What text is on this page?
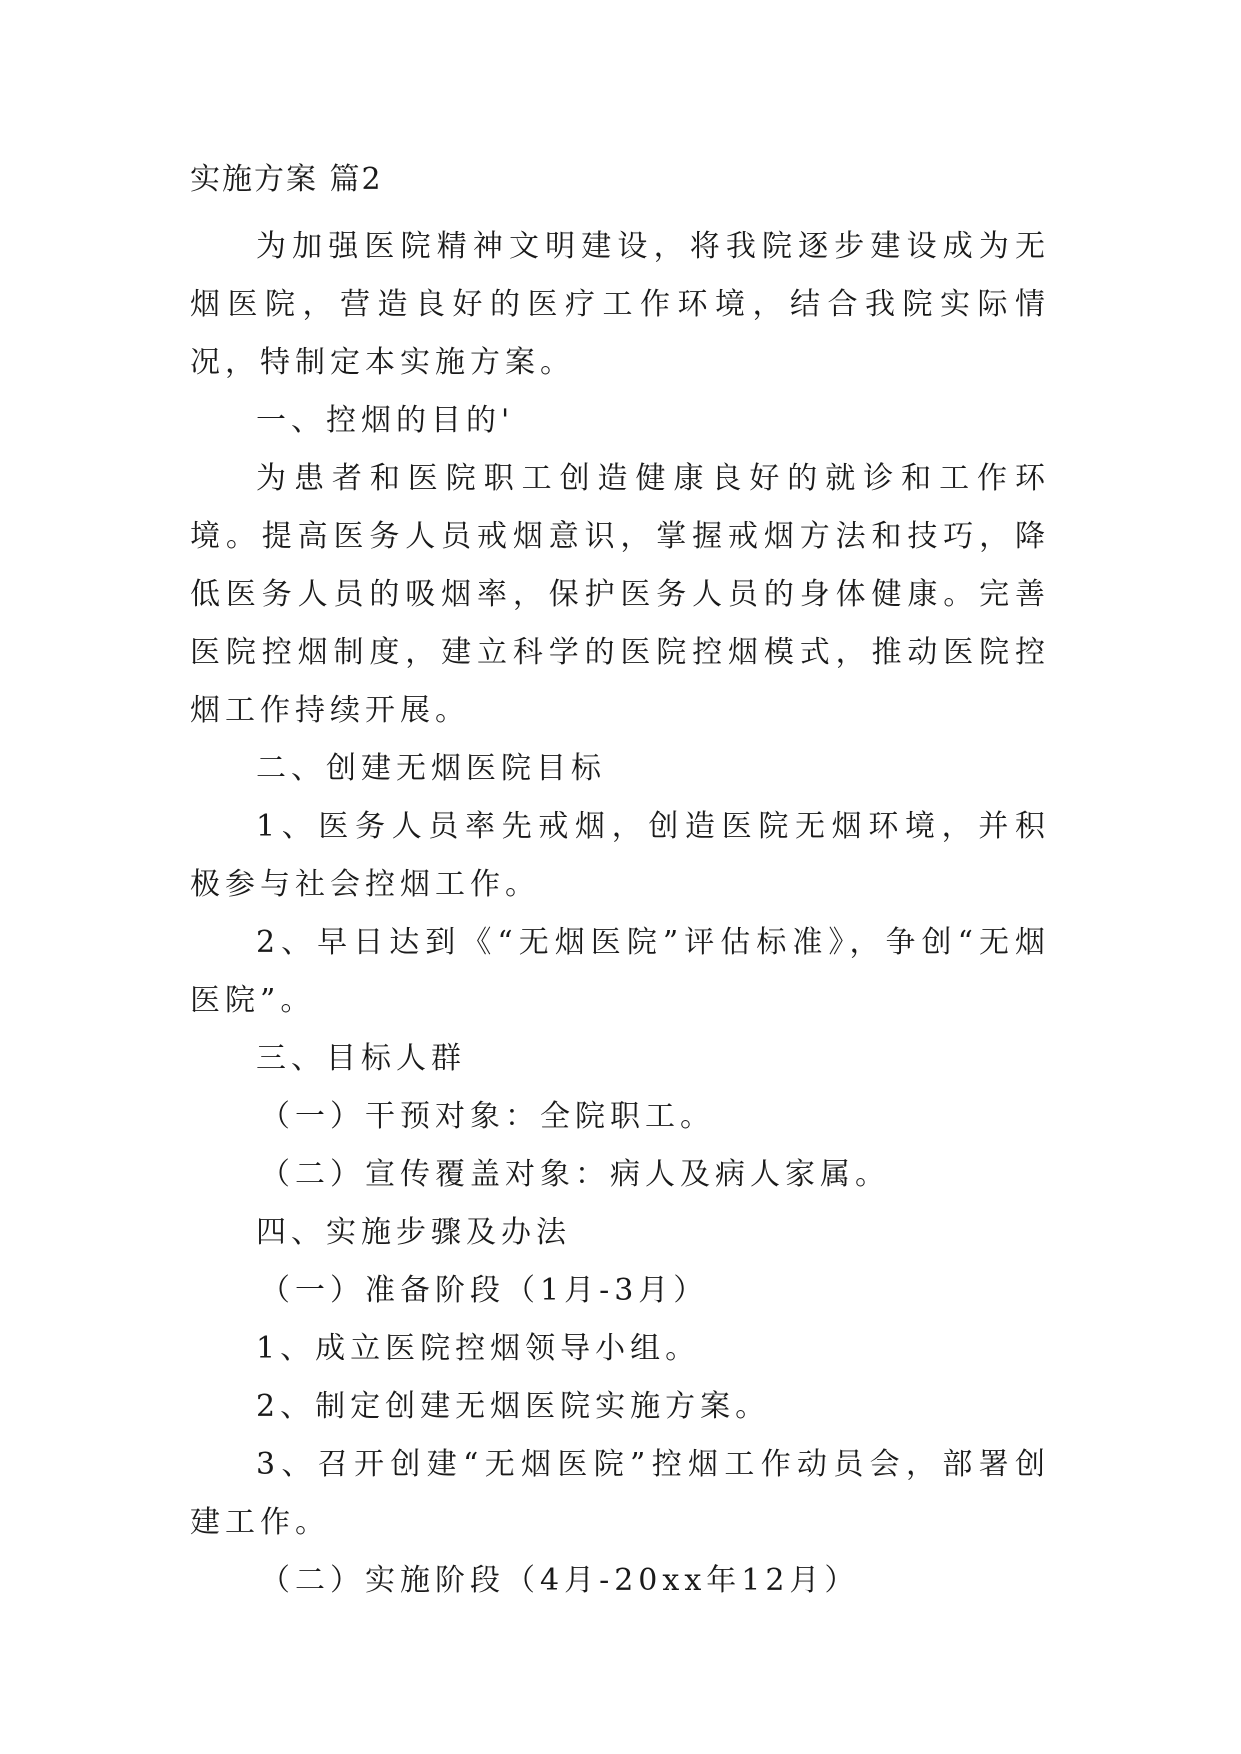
实施方案 篇2

为加强医院精神文明建设，将我院逐步建设成为无烟医院，营造良好的医疗工作环境，结合我院实际情况，特制定本实施方案。

一、控烟的目的'

为患者和医院职工创造健康良好的就诊和工作环境。提高医务人员戒烟意识，掌握戒烟方法和技巧，降低医务人员的吸烟率，保护医务人员的身体健康。完善医院控烟制度，建立科学的医院控烟模式，推动医院控烟工作持续开展。

二、创建无烟医院目标

1、医务人员率先戒烟，创造医院无烟环境，并积极参与社会控烟工作。

2、早日达到《“无烟医院”评估标准》，争创“无烟医院”。

三、目标人群

（一）干预对象：全院职工。

（二）宣传覆盖对象：病人及病人家属。

四、实施步骤及办法

（一）准备阶段（1月-3月）

1、成立医院控烟领导小组。

2、制定创建无烟医院实施方案。

3、召开创建“无烟医院”控烟工作动员会，部署创建工作。

（二）实施阶段（4月-20xx年12月）
